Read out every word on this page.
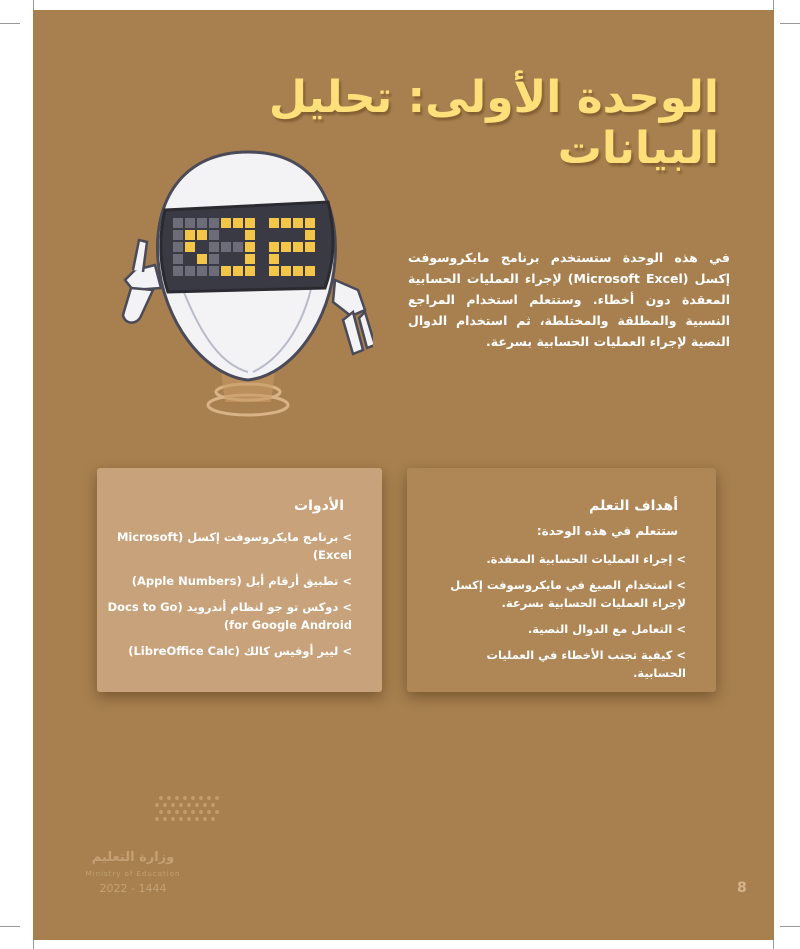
الوحدة الأولى: تحليل البيانات

في هذه الوحدة ستستخدم برنامج مايكروسوفت إكسل (Microsoft Excel) لإجراء العمليات الحسابية المعقدة دون أخطاء. وستتعلم استخدام المراجع النسبية والمطلقة والمختلطة، ثم استخدام الدوال النصية لإجراء العمليات الحسابية بسرعة.

أهداف التعلم
ستتعلم في هذه الوحدة:
>إجراء العمليات الحسابية المعقدة.
>استخدام الصيغ في مايكروسوفت إكسل لإجراء العمليات الحسابية بسرعة.
>التعامل مع الدوال النصية.
>كيفية تجنب الأخطاء في العمليات الحسابية.
الأدوات
>برنامج مايكروسوفت إكسل (Microsoft Excel)
>تطبيق أرقام أبل (Apple Numbers)
>دوكس تو جو لنظام أندرويد (Docs to Go for Google Android)
>ليبر أوفيس كالك (LibreOffice Calc)
وزارة التعليم
Ministry of Education
2022 - 1444	8
